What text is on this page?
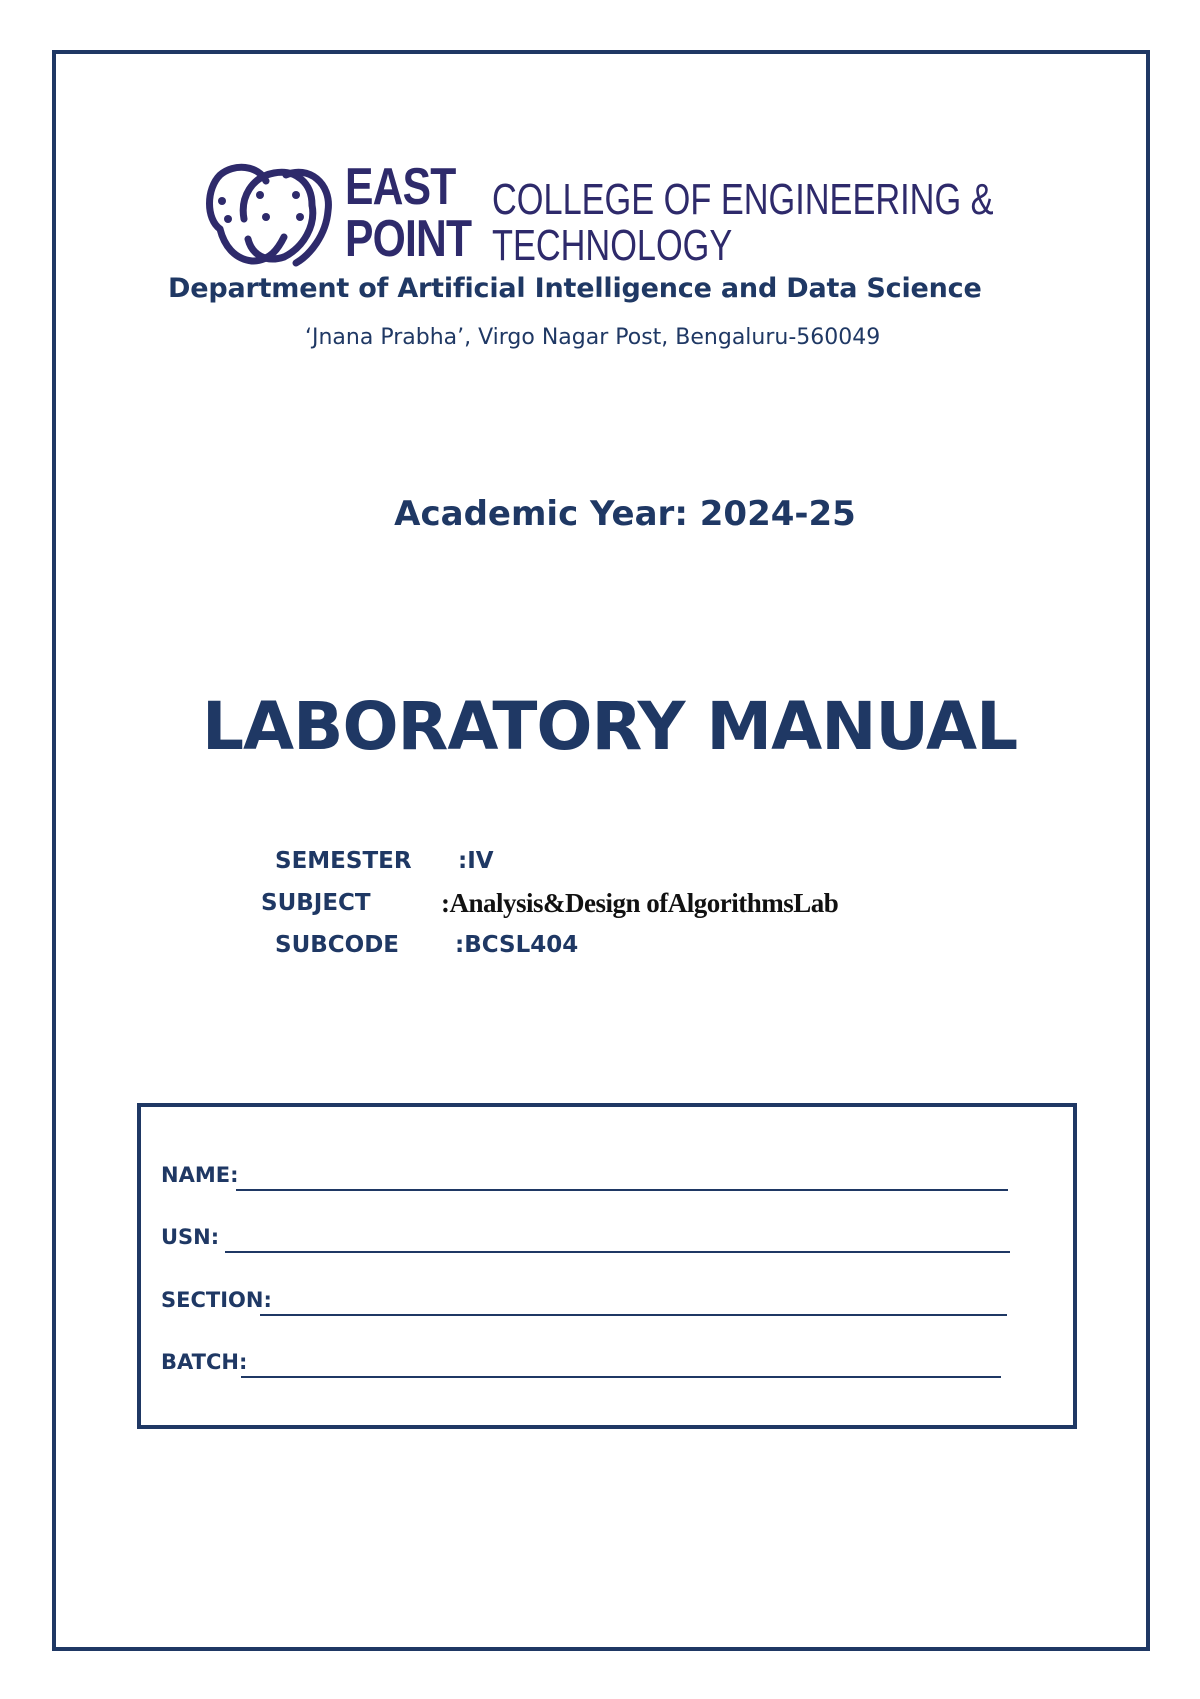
EAST
POINT
COLLEGE OF ENGINEERING &
TECHNOLOGY
Department of Artificial Intelligence and Data Science
‘Jnana Prabha’, Virgo Nagar Post, Bengaluru-560049
Academic Year: 2024-25
LABORATORY MANUAL
SEMESTER :IV
SUBJECT	:Analysis&Design ofAlgorithmsLab
SUBCODE :BCSL404
NAME:
USN:
SECTION:
BATCH:
